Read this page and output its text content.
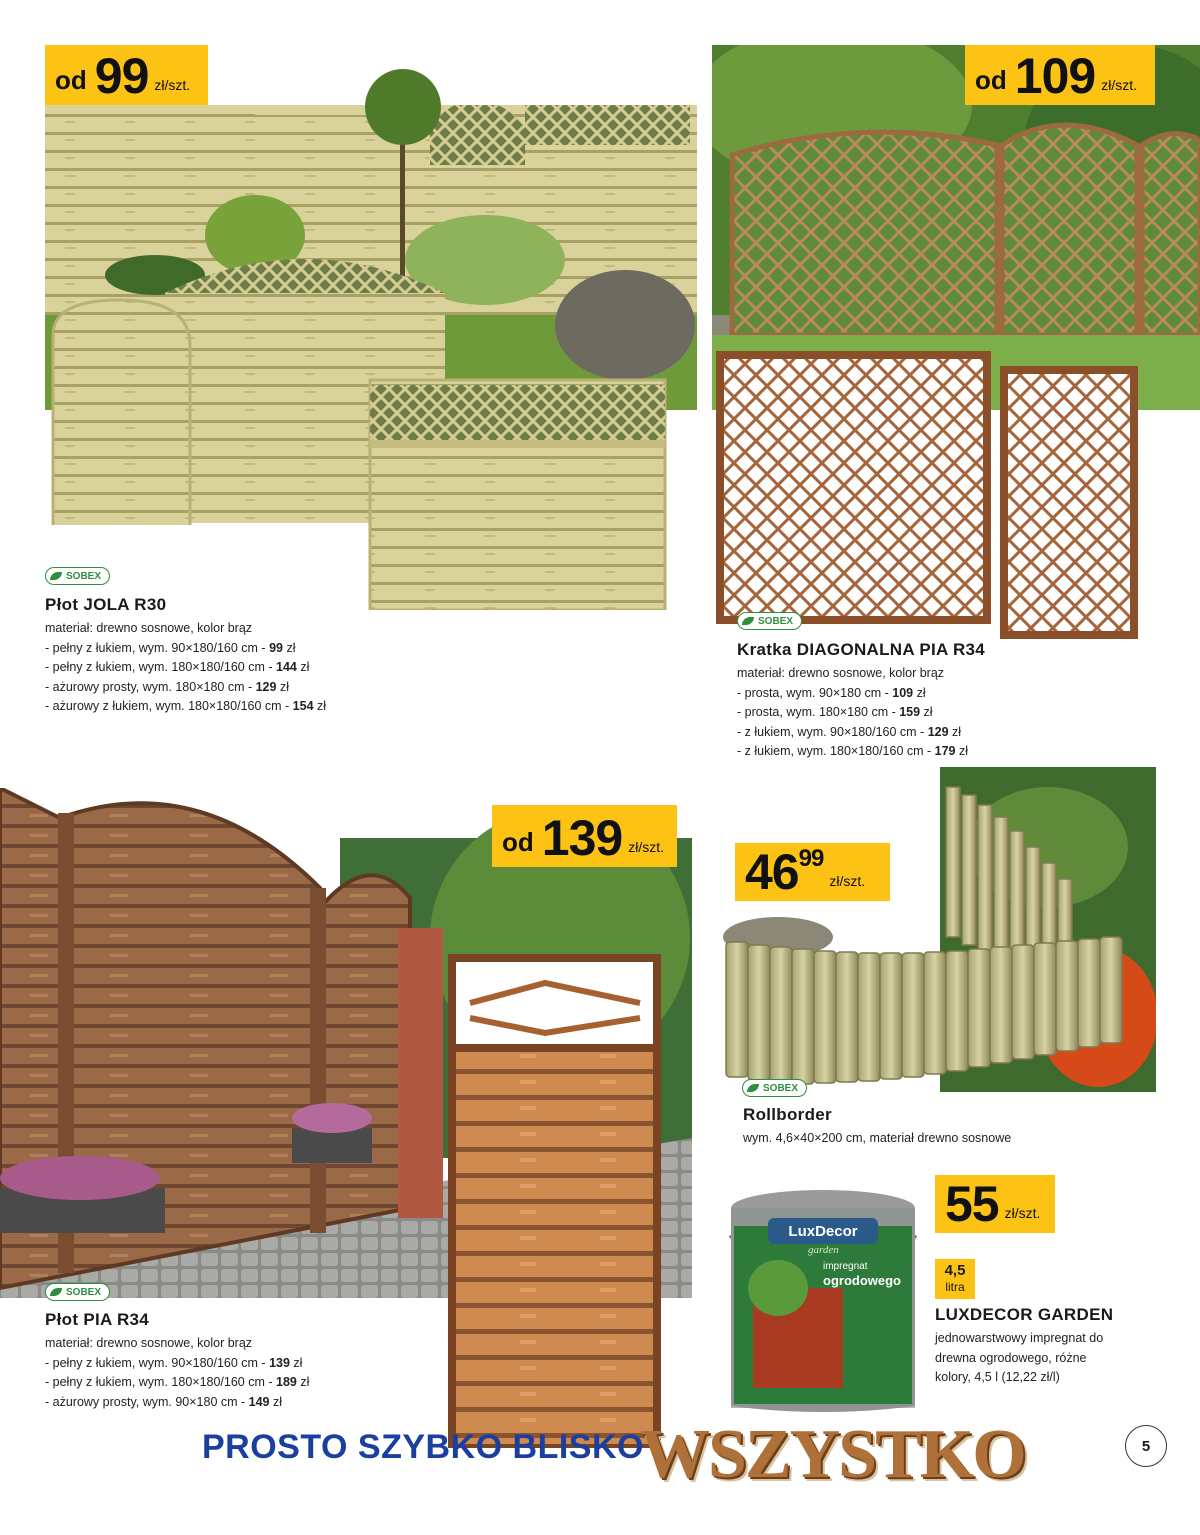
od 99 zł/szt.
SOBEX
Płot JOLA R30
materiał: drewno sosnowe, kolor brąz
- pełny z łukiem, wym. 90×180/160 cm - 99 zł
- pełny z łukiem, wym. 180×180/160 cm - 144 zł
- ażurowy prosty, wym. 180×180 cm - 129 zł
- ażurowy z łukiem, wym. 180×180/160 cm - 154 zł
od 109 zł/szt.
SOBEX
Kratka DIAGONALNA PIA R34
materiał: drewno sosnowe, kolor brąz
- prosta, wym. 90×180 cm - 109 zł
- prosta, wym. 180×180 cm - 159 zł
- z łukiem, wym. 90×180/160 cm - 129 zł
- z łukiem, wym. 180×180/160 cm - 179 zł
od 139 zł/szt.
SOBEX
Płot PIA R34
materiał: drewno sosnowe, kolor brąz
- pełny z łukiem, wym. 90×180/160 cm - 139 zł
- pełny z łukiem, wym. 180×180/160 cm - 189 zł
- ażurowy prosty, wym. 90×180 cm - 149 zł
$46^{99}$
zł/szt.
SOBEX
Rollborder
wym. 4,6×40×200 cm, materiał drewno sosnowe
LuxDecor
garden
impregnat
ogrodowego
55 zł/szt.
4,5
litra
LUXDECOR GARDEN
jednowarstwowy impregnat do
drewna ogrodowego, różne
kolory, 4,5 l (12,22 zł/l)
PROSTO SZYBKO BLISKO
WSZYSTKO	5
